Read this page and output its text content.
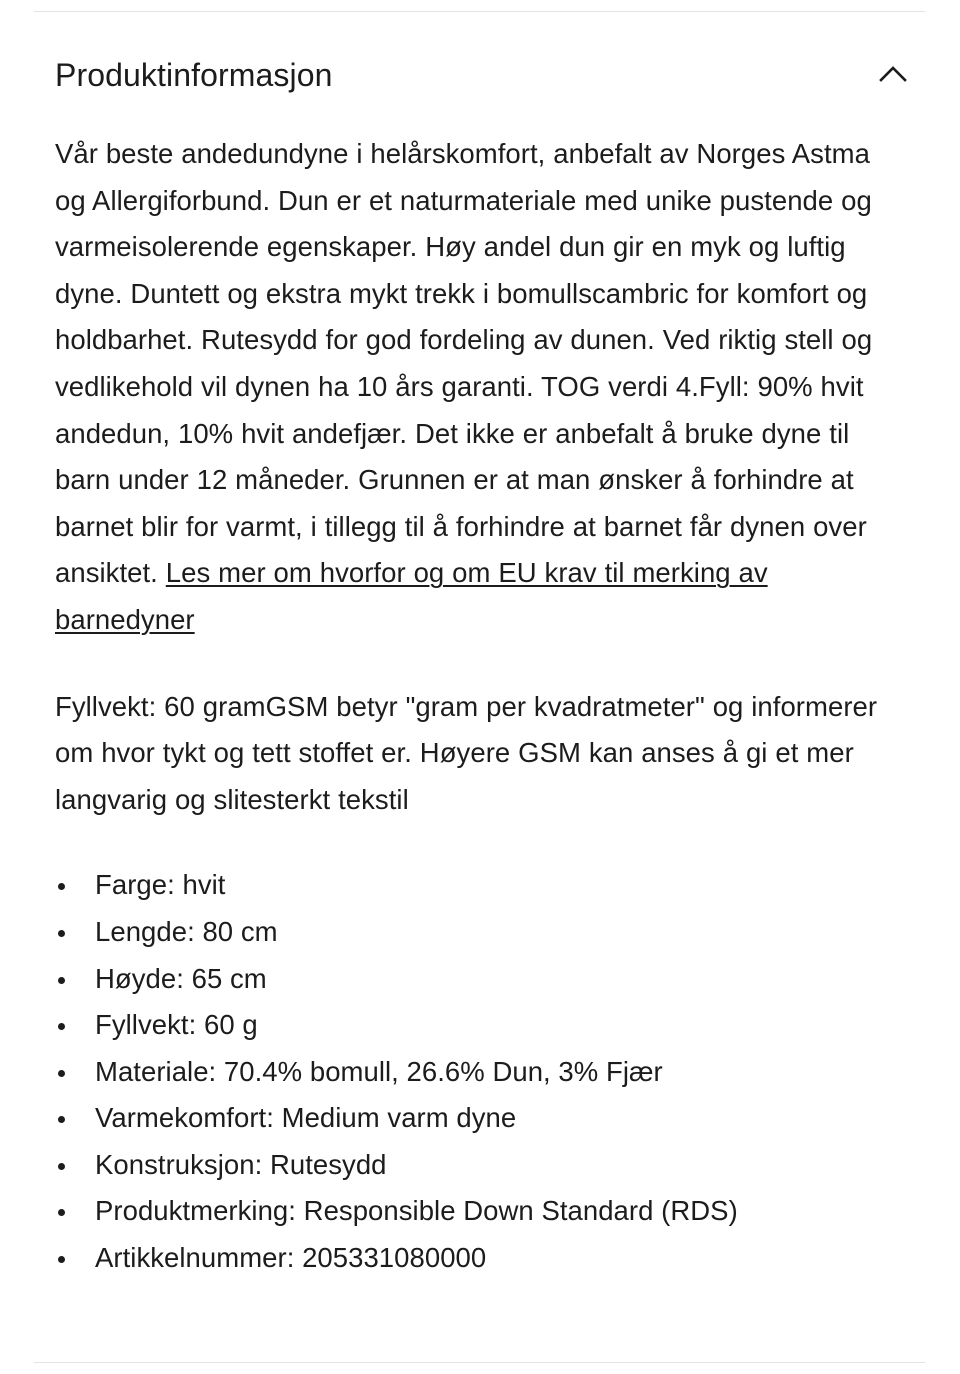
Produktinformasjon

Vår beste andedundyne i helårskomfort, anbefalt av Norges Astma og Allergiforbund. Dun er et naturmateriale med unike pustende og varmeisolerende egenskaper. Høy andel dun gir en myk og luftig dyne. Duntett og ekstra mykt trekk i bomullscambric for komfort og holdbarhet. Rutesydd for god fordeling av dunen. Ved riktig stell og vedlikehold vil dynen ha 10 års garanti. TOG verdi 4.Fyll: 90% hvit andedun, 10% hvit andefjær. Det ikke er anbefalt å bruke dyne til barn under 12 måneder. Grunnen er at man ønsker å forhindre at barnet blir for varmt, i tillegg til å forhindre at barnet får dynen over ansiktet. Les mer om hvorfor og om EU krav til merking av barnedyner

Fyllvekt: 60 gramGSM betyr "gram per kvadratmeter" og informerer om hvor tykt og tett stoffet er. Høyere GSM kan anses å gi et mer langvarig og slitesterkt tekstil

Farge: hvit
Lengde: 80 cm
Høyde: 65 cm
Fyllvekt: 60 g
Materiale: 70.4% bomull, 26.6% Dun, 3% Fjær
Varmekomfort: Medium varm dyne
Konstruksjon: Rutesydd
Produktmerking: Responsible Down Standard (RDS)
Artikkelnummer: 205331080000
